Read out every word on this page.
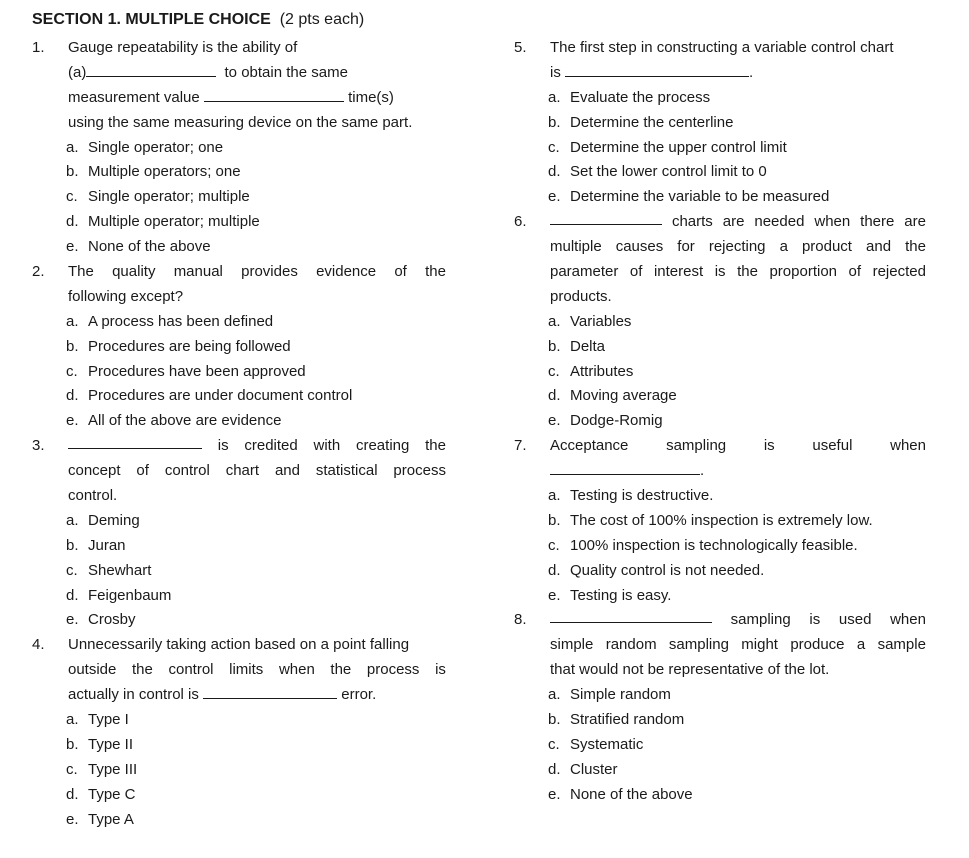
SECTION 1. MULTIPLE CHOICE (2 pts each)
1. Gauge repeatability is the ability of
(a)	to obtain the same
measurement value	time(s)
using the same measuring device on the same part.
a. Single operator; one
b. Multiple operators; one
c. Single operator; multiple
d. Multiple operator; multiple
e. None of the above
2. The quality manual provides evidence of the
following except?
a. A process has been defined
b. Procedures are being followed
c. Procedures have been approved
d. Procedures are under document control
e. All of the above are evidence
3.	is credited with creating the
concept of control chart and statistical process
control.
a. Deming
b. Juran
c. Shewhart
d. Feigenbaum
e. Crosby
4. Unnecessarily taking action based on a point falling
outside the control limits when the process is
actually in control is	error.
a. Type I
b. Type II
c. Type III
d. Type C
e. Type A
5. The first step in constructing a variable control chart
is	.
a. Evaluate the process
b. Determine the centerline
c. Determine the upper control limit
d. Set the lower control limit to 0
e. Determine the variable to be measured
6.	charts are needed when there are
multiple causes for rejecting a product and the
parameter of interest is the proportion of rejected
products.
a. Variables
b. Delta
c. Attributes
d. Moving average
e. Dodge-Romig
7. Acceptance	sampling	is	useful	when
.
a. Testing is destructive.
b. The cost of 100% inspection is extremely low.
c. 100% inspection is technologically feasible.
d. Quality control is not needed.
e. Testing is easy.
8.	sampling is used when
simple random sampling might produce a sample
that would not be representative of the lot.
a. Simple random
b. Stratified random
c. Systematic
d. Cluster
e. None of the above
